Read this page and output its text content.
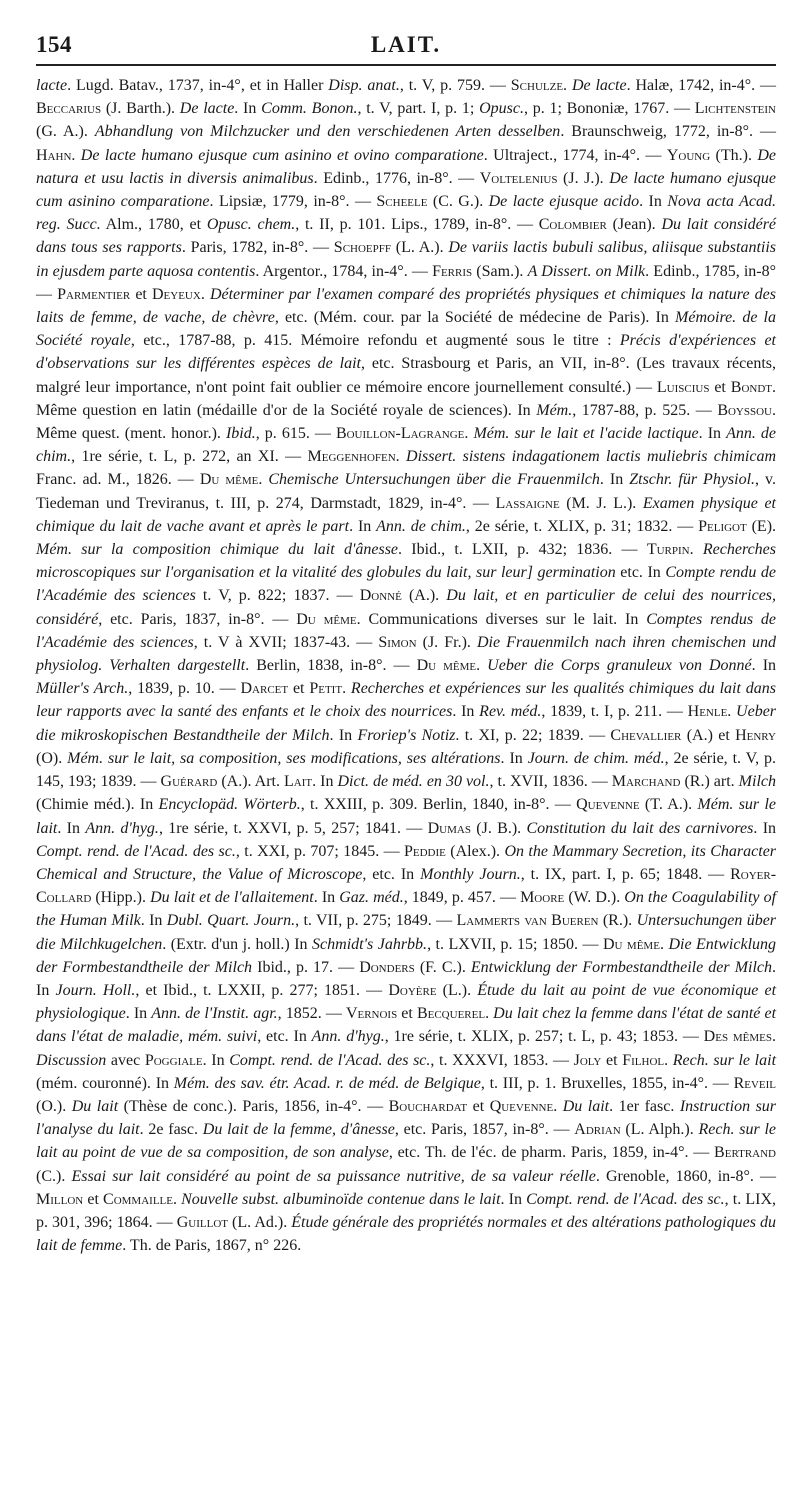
154	LAIT.

lacte. Lugd. Batav., 1737, in-4°, et in Haller Disp. anat., t. V, p. 759. — Schulze. De lacte. Halæ, 1742, in-4°. — Beccarius (J. Barth.). De lacte. In Comm. Bonon., t. V, part. I, p. 1; Opusc., p. 1; Bononiæ, 1767. — Lichtenstein (G. A.). Abhandlung von Milchzucker und den verschiedenen Arten desselben. Braunschweig, 1772, in-8°. — Hahn. De lacte humano ejusque cum asinino et ovino comparatione. Ultraject., 1774, in-4°. — Young (Th.). De natura et usu lactis in diversis animalibus. Edinb., 1776, in-8°. — Voltelenius (J. J.). De lacte humano ejusque cum asinino comparatione. Lipsiæ, 1779, in-8°. — Scheele (C. G.). De lacte ejusque acido. In Nova acta Acad. reg. Succ. Alm., 1780, et Opusc. chem., t. II, p. 101. Lips., 1789, in-8°. — Colombier (Jean). Du lait considéré dans tous ses rapports. Paris, 1782, in-8°. — Schoepff (L. A.). De variis lactis bubuli salibus, aliisque substantiis in ejusdem parte aquosa contentis. Argentor., 1784, in-4°. — Ferris (Sam.). A Dissert. on Milk. Edinb., 1785, in-8° — Parmentier et Deyeux. Déterminer par l'examen comparé des propriétés physiques et chimiques la nature des laits de femme, de vache, de chèvre, etc. (Mém. cour. par la Société de médecine de Paris). In Mémoire. de la Société royale, etc., 1787-88, p. 415. Mémoire refondu et augmenté sous le titre : Précis d'expériences et d'observations sur les différentes espèces de lait, etc. Strasbourg et Paris, an VII, in-8°. (Les travaux récents, malgré leur importance, n'ont point fait oublier ce mémoire encore journellement consulté.) — Luiscius et Bondt. Même question en latin (médaille d'or de la Société royale de sciences). In Mém., 1787-88, p. 525. — Boyssou. Même quest. (ment. honor.). Ibid., p. 615. — Bouillon-Lagrange. Mém. sur le lait et l'acide lactique. In Ann. de chim., 1re série, t. L, p. 272, an XI. — Meggenhofen. Dissert. sistens indagationem lactis muliebris chimicam Franc. ad. M., 1826. — Du même. Chemische Untersuchungen über die Frauenmilch. In Ztschr. für Physiol., v. Tiedeman und Treviranus, t. III, p. 274, Darmstadt, 1829, in-4°. — Lassaigne (M. J. L.). Examen physique et chimique du lait de vache avant et après le part. In Ann. de chim., 2e série, t. XLIX, p. 31; 1832. — Peligot (E). Mém. sur la composition chimique du lait d'ânesse. Ibid., t. LXII, p. 432; 1836. — Turpin. Recherches microscopiques sur l'organisation et la vitalité des globules du lait, sur leur] germination etc. In Compte rendu de l'Académie des sciences t. V, p. 822; 1837. — Donné (A.). Du lait, et en particulier de celui des nourrices, considéré, etc. Paris, 1837, in-8°. — Du même. Communications diverses sur le lait. In Comptes rendus de l'Académie des sciences, t. V à XVII; 1837-43. — Simon (J. Fr.). Die Frauenmilch nach ihren chemischen und physiolog. Verhalten dargestellt. Berlin, 1838, in-8°. — Du même. Ueber die Corps granuleux von Donné. In Müller's Arch., 1839, p. 10. — Darcet et Petit. Recherches et expériences sur les qualités chimiques du lait dans leur rapports avec la santé des enfants et le choix des nourrices. In Rev. méd., 1839, t. I, p. 211. — Henle. Ueber die mikroskopischen Bestandtheile der Milch. In Froriep's Notiz. t. XI, p. 22; 1839. — Chevallier (A.) et Henry (O). Mém. sur le lait, sa composition, ses modifications, ses altérations. In Journ. de chim. méd., 2e série, t. V, p. 145, 193; 1839. — Guérard (A.). Art. Lait. In Dict. de méd. en 30 vol., t. XVII, 1836. — Marchand (R.) art. Milch (Chimie méd.). In Encyclopäd. Wörterb., t. XXIII, p. 309. Berlin, 1840, in-8°. — Quevenne (T. A.). Mém. sur le lait. In Ann. d'hyg., 1re série, t. XXVI, p. 5, 257; 1841. — Dumas (J. B.). Constitution du lait des carnivores. In Compt. rend. de l'Acad. des sc., t. XXI, p. 707; 1845. — Peddie (Alex.). On the Mammary Secretion, its Character Chemical and Structure, the Value of Microscope, etc. In Monthly Journ., t. IX, part. I, p. 65; 1848. — Royer-Collard (Hipp.). Du lait et de l'allaitement. In Gaz. méd., 1849, p. 457. — Moore (W. D.). On the Coagulability of the Human Milk. In Dubl. Quart. Journ., t. VII, p. 275; 1849. — Lammerts van Bueren (R.). Untersuchungen über die Milchkugelchen. (Extr. d'un j. holl.) In Schmidt's Jahrbb., t. LXVII, p. 15; 1850. — Du même. Die Entwicklung der Formbestandtheile der Milch Ibid., p. 17. — Donders (F. C.). Entwicklung der Formbestandtheile der Milch. In Journ. Holl., et Ibid., t. LXXII, p. 277; 1851. — Doyère (L.). Étude du lait au point de vue économique et physiologique. In Ann. de l'Instit. agr., 1852. — Vernois et Becquerel. Du lait chez la femme dans l'état de santé et dans l'état de maladie, mém. suivi, etc. In Ann. d'hyg., 1re série, t. XLIX, p. 257; t. L, p. 43; 1853. — Des mêmes. Discussion avec Poggiale. In Compt. rend. de l'Acad. des sc., t. XXXVI, 1853. — Joly et Filhol. Rech. sur le lait (mém. couronné). In Mém. des sav. étr. Acad. r. de méd. de Belgique, t. III, p. 1. Bruxelles, 1855, in-4°. — Reveil (O.). Du lait (Thèse de conc.). Paris, 1856, in-4°. — Bouchardat et Quevenne. Du lait. 1er fasc. Instruction sur l'analyse du lait. 2e fasc. Du lait de la femme, d'ânesse, etc. Paris, 1857, in-8°. — Adrian (L. Alph.). Rech. sur le lait au point de vue de sa composition, de son analyse, etc. Th. de l'éc. de pharm. Paris, 1859, in-4°. — Bertrand (C.). Essai sur lait considéré au point de sa puissance nutritive, de sa valeur réelle. Grenoble, 1860, in-8°. — Millon et Commaille. Nouvelle subst. albuminoïde contenue dans le lait. In Compt. rend. de l'Acad. des sc., t. LIX, p. 301, 396; 1864. — Guillot (L. Ad.). Étude générale des propriétés normales et des altérations pathologiques du lait de femme. Th. de Paris, 1867, n° 226.
